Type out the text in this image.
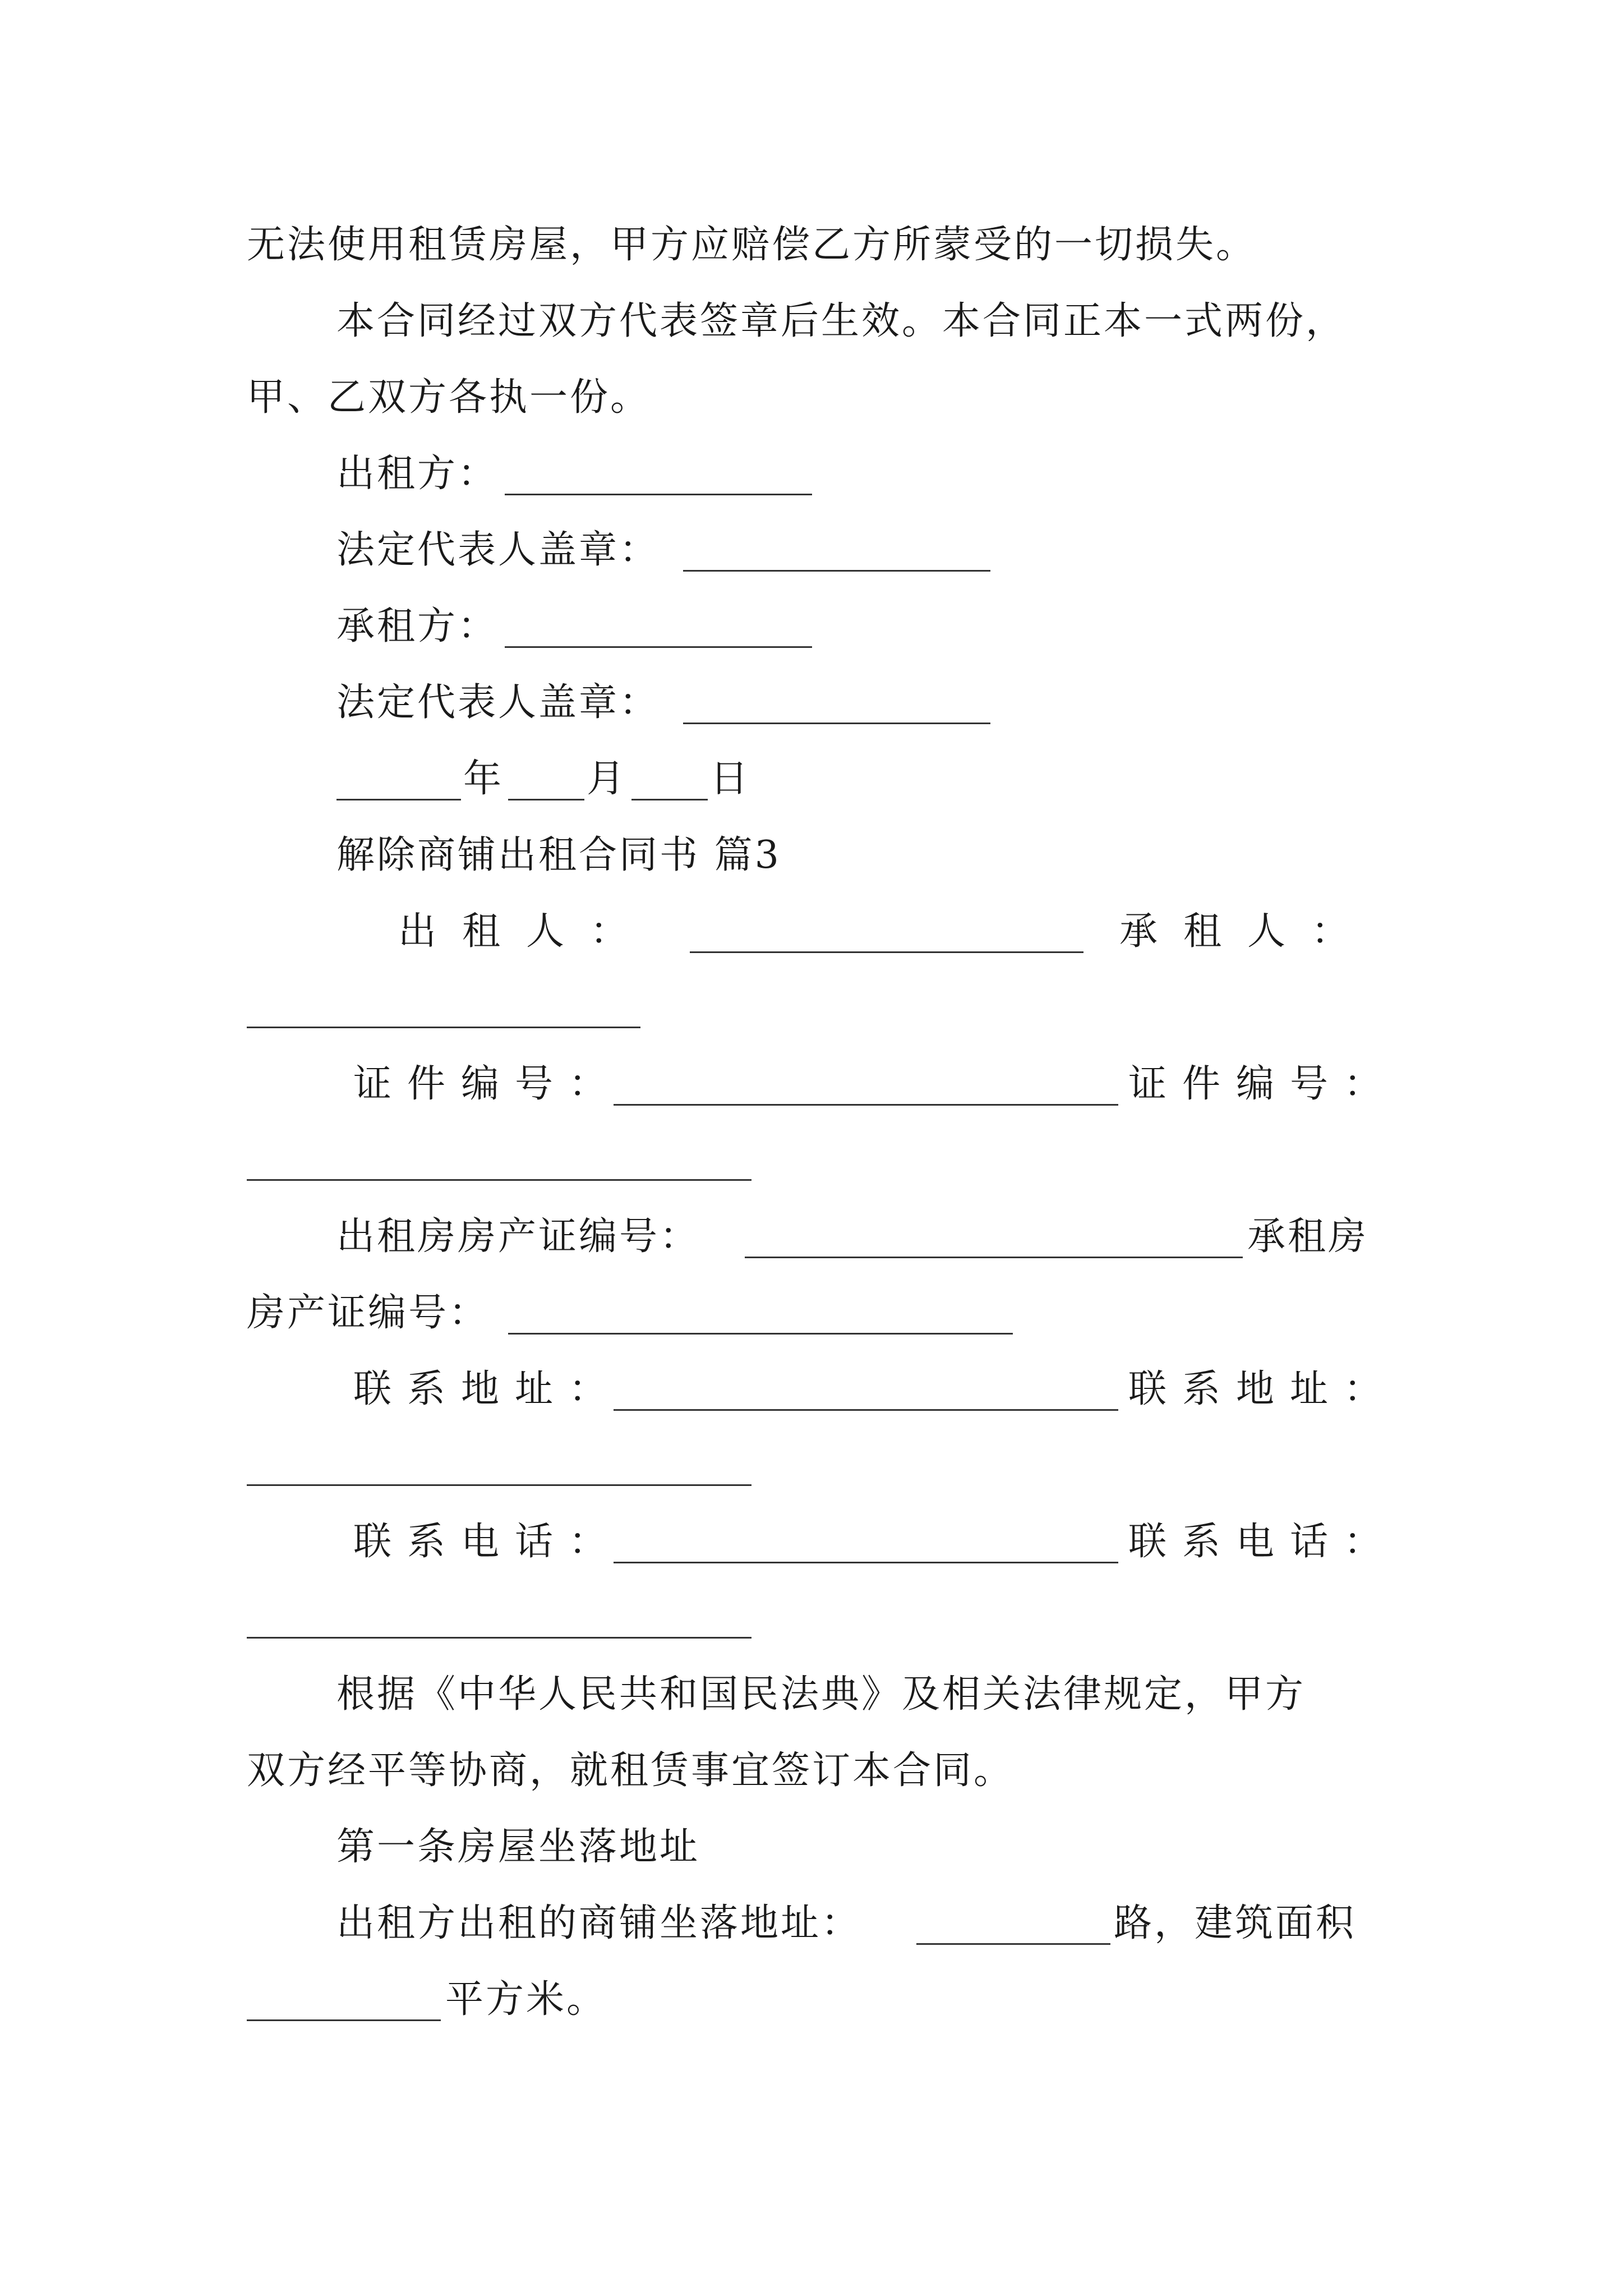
无法使用租赁房屋，甲方应赔偿乙方所蒙受的一切损失。
本合同经过双方代表签章后生效。本合同正本一式两份，
甲、乙双方各执一份。
出租方：
法定代表人盖章：
承租方：
法定代表人盖章：
年 月 日
解除商铺出租合同书 篇3
出租人：	承租人：
证件编号：	证件编号：
出租房房产证编号：	承租房
房产证编号：
联系地址：	联系地址：
联系电话：	联系电话：
根据《中华人民共和国民法典》及相关法律规定，甲方
双方经平等协商，就租赁事宜签订本合同。
第一条房屋坐落地址
出租方出租的商铺坐落地址：	路，建筑面积
平方米。
